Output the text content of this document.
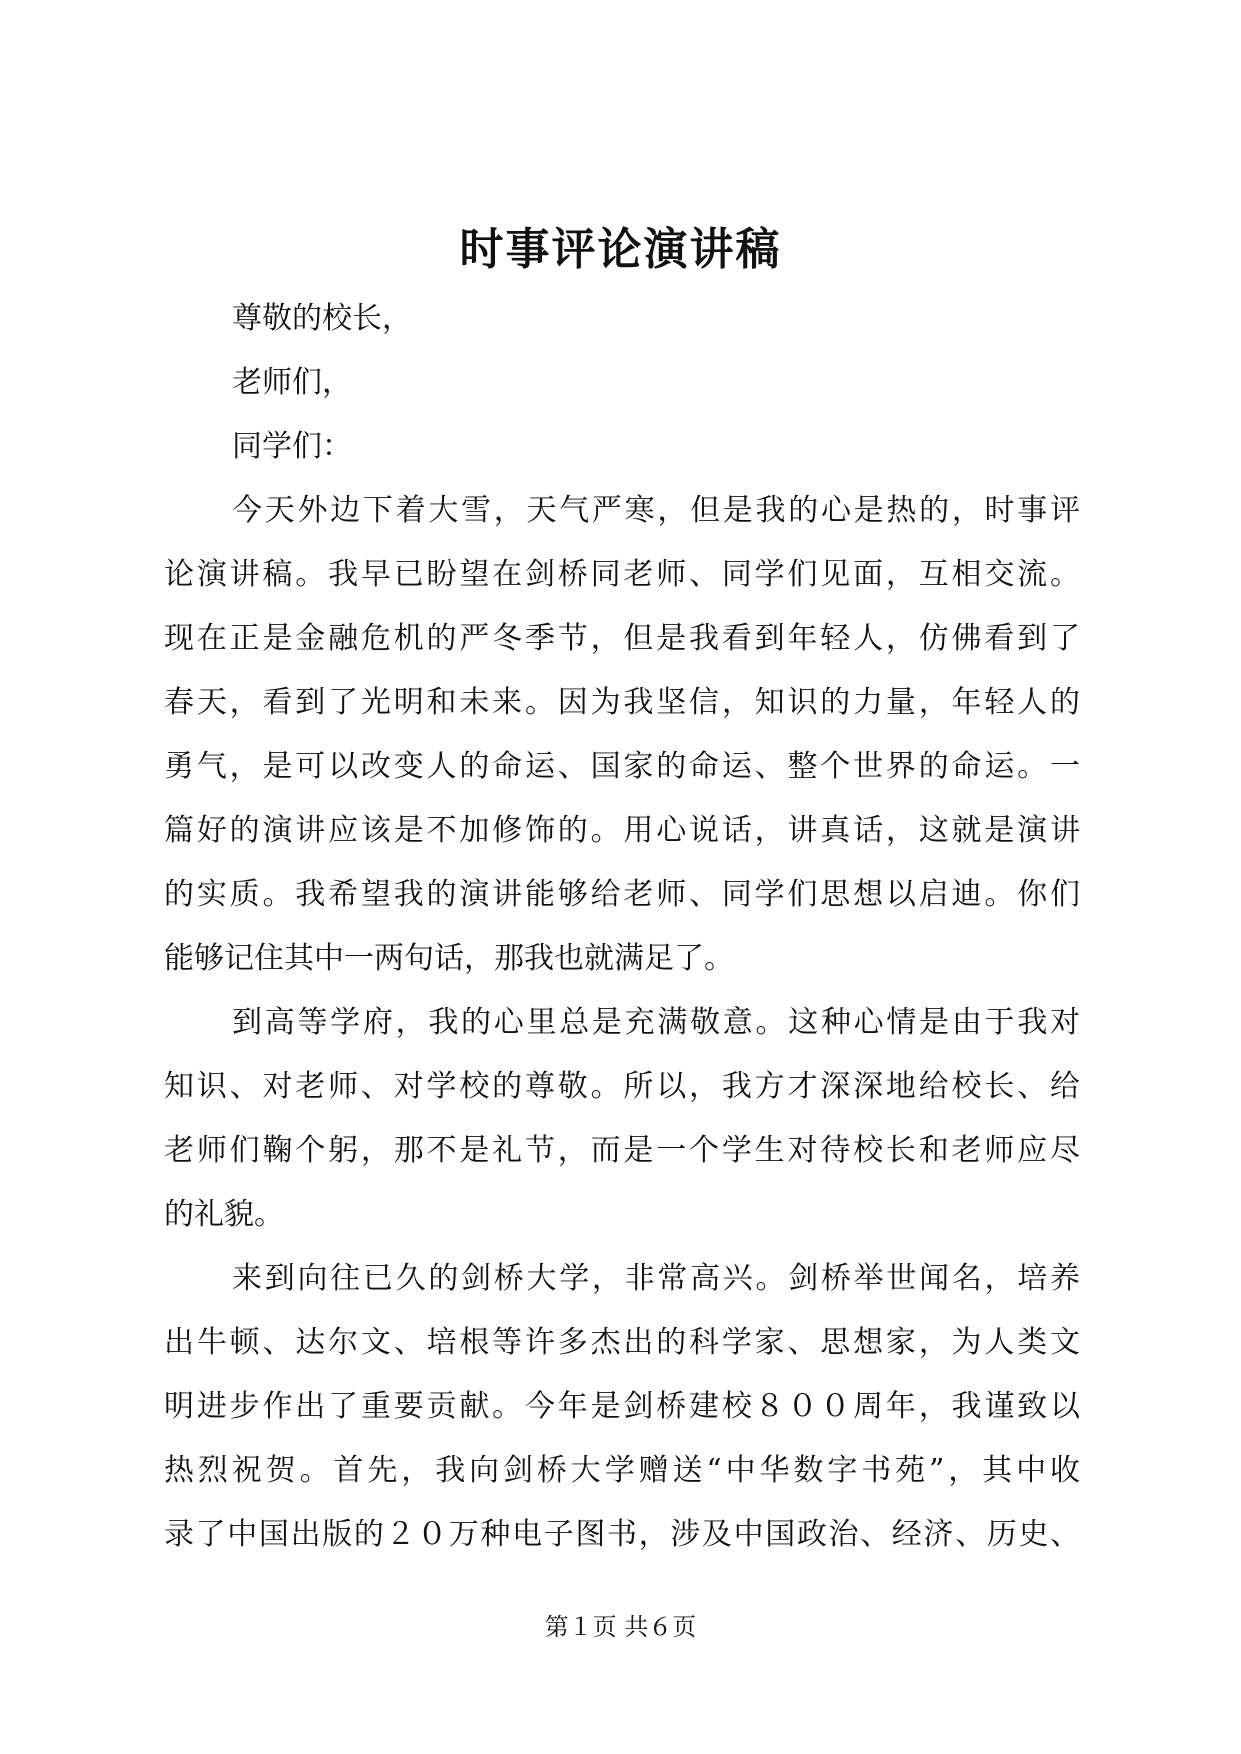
时事评论演讲稿
尊敬的校长，
老师们，
同学们：
今天外边下着大雪，天气严寒，但是我的心是热的，时事评
论演讲稿。我早已盼望在剑桥同老师、同学们见面，互相交流。
现在正是金融危机的严冬季节，但是我看到年轻人，仿佛看到了
春天，看到了光明和未来。因为我坚信，知识的力量，年轻人的
勇气，是可以改变人的命运、国家的命运、整个世界的命运。一
篇好的演讲应该是不加修饰的。用心说话，讲真话，这就是演讲
的实质。我希望我的演讲能够给老师、同学们思想以启迪。你们
能够记住其中一两句话，那我也就满足了。
到高等学府，我的心里总是充满敬意。这种心情是由于我对
知识、对老师、对学校的尊敬。所以，我方才深深地给校长、给
老师们鞠个躬，那不是礼节，而是一个学生对待校长和老师应尽
的礼貌。
来到向往已久的剑桥大学，非常高兴。剑桥举世闻名，培养
出牛顿、达尔文、培根等许多杰出的科学家、思想家，为人类文
明进步作出了重要贡献。今年是剑桥建校８００周年，我谨致以
热烈祝贺。首先，我向剑桥大学赠送“中华数字书苑”，其中收
录了中国出版的２０万种电子图书，涉及中国政治、经济、历史、
第１页 共６页
